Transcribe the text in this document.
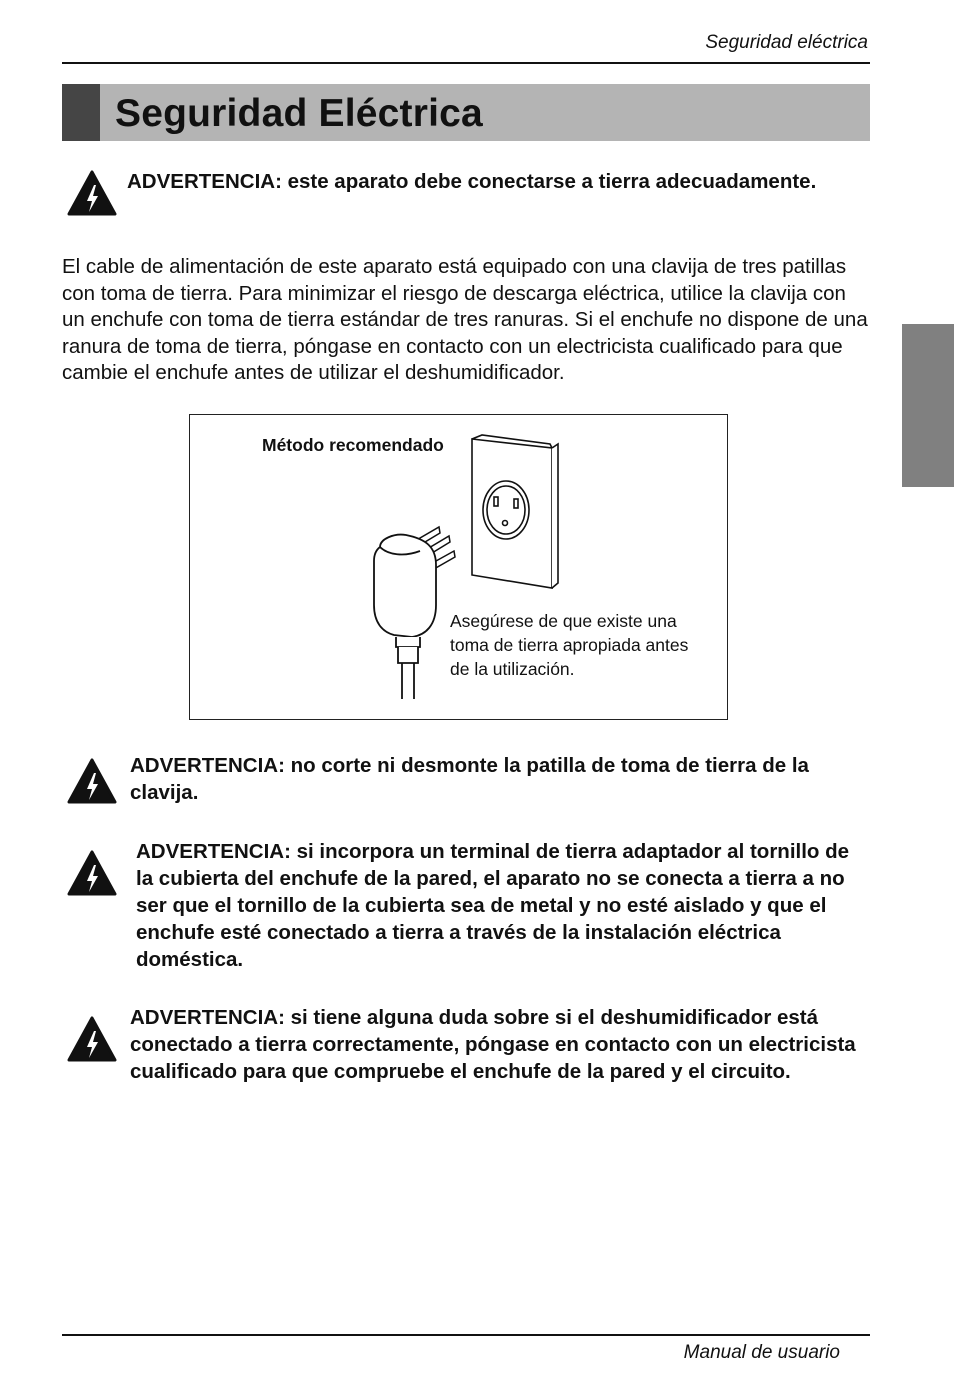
Seguridad eléctrica
Seguridad Eléctrica
ADVERTENCIA: este aparato debe conectarse a tierra adecuadamente.

El cable de alimentación de este aparato está equipado con una clavija de tres patillas con toma de tierra. Para minimizar el riesgo de descarga eléctrica, utilice la clavija con un enchufe con toma de tierra estándar de tres ranuras. Si el enchufe no dispone de una ranura de toma de tierra, póngase en contacto con un electricista cualificado para que cambie el enchufe antes de utilizar el deshumidificador.

Método recomendado
Asegúrese de que existe una toma de tierra apropiada antes de la utilización.
ADVERTENCIA: no corte ni desmonte la patilla de toma de tierra de la clavija.
ADVERTENCIA: si incorpora un terminal de tierra adaptador al tornillo de la cubierta del enchufe de la pared, el aparato no se conecta a tierra a no ser que el tornillo de la cubierta sea de metal y no esté aislado y que el enchufe esté conectado a tierra a través de la instalación eléctrica doméstica.
ADVERTENCIA: si tiene alguna duda sobre si el deshumidificador está conectado a tierra correctamente, póngase en contacto con un electricista cualificado para que compruebe el enchufe de la pared y el circuito.
Manual de usuario
